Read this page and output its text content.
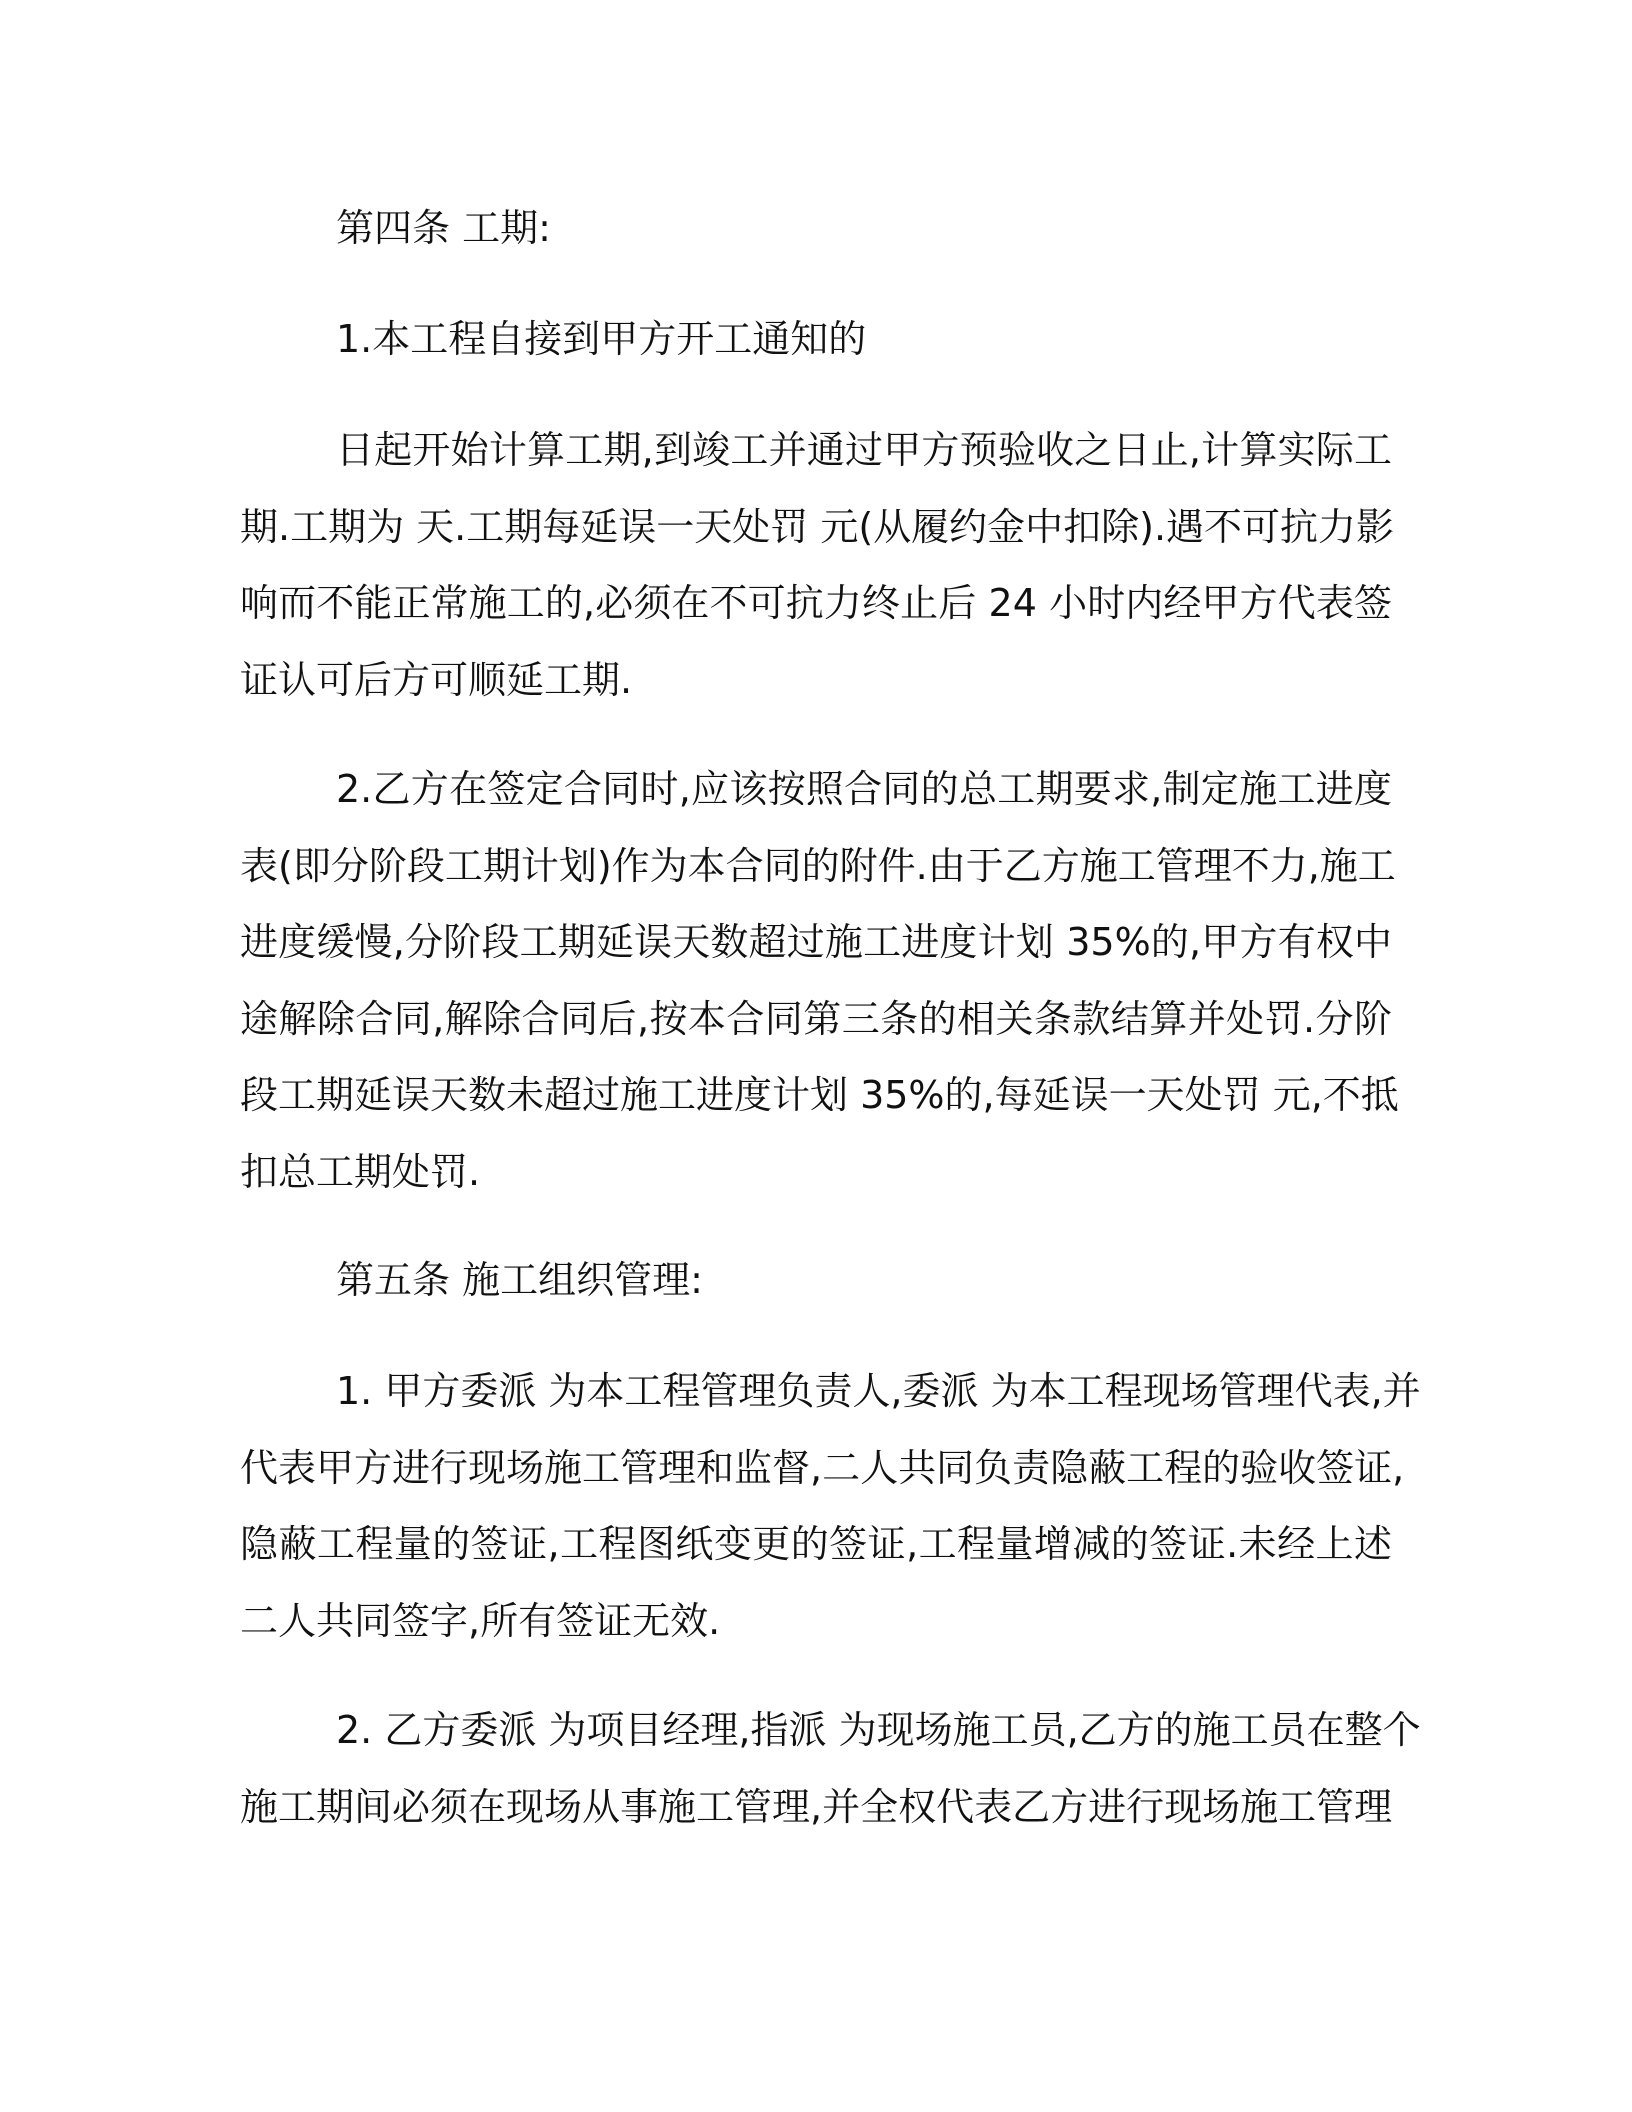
第四条 工期:
1.本工程自接到甲方开工通知的
日起开始计算工期,到竣工并通过甲方预验收之日止,计算实际工
期.工期为 天.工期每延误一天处罚 元(从履约金中扣除).遇不可抗力影
响而不能正常施工的,必须在不可抗力终止后 24 小时内经甲方代表签
证认可后方可顺延工期.
2.乙方在签定合同时,应该按照合同的总工期要求,制定施工进度
表(即分阶段工期计划)作为本合同的附件.由于乙方施工管理不力,施工
进度缓慢,分阶段工期延误天数超过施工进度计划 35%的,甲方有权中
途解除合同,解除合同后,按本合同第三条的相关条款结算并处罚.分阶
段工期延误天数未超过施工进度计划 35%的,每延误一天处罚 元,不抵
扣总工期处罚.
第五条 施工组织管理:
1. 甲方委派 为本工程管理负责人,委派 为本工程现场管理代表,并
代表甲方进行现场施工管理和监督,二人共同负责隐蔽工程的验收签证,
隐蔽工程量的签证,工程图纸变更的签证,工程量增减的签证.未经上述
二人共同签字,所有签证无效.
2. 乙方委派 为项目经理,指派 为现场施工员,乙方的施工员在整个
施工期间必须在现场从事施工管理,并全权代表乙方进行现场施工管理
